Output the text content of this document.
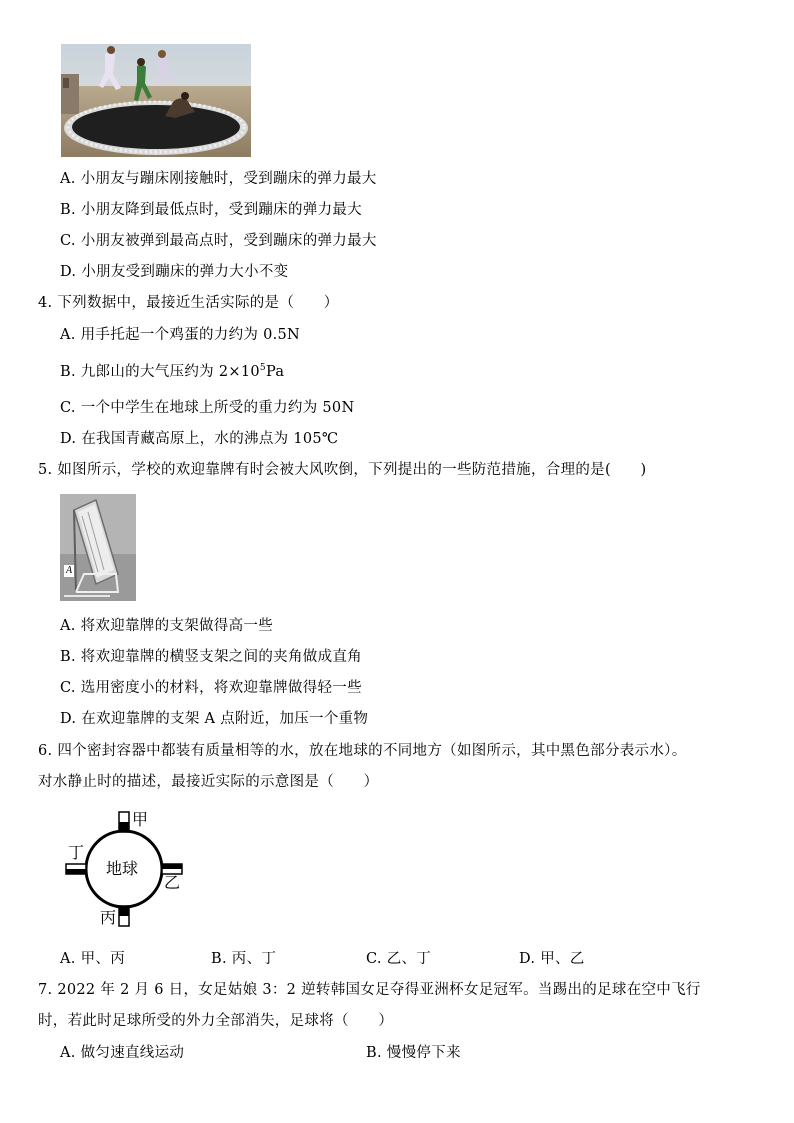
A. 小朋友与蹦床刚接触时，受到蹦床的弹力最大
B. 小朋友降到最低点时，受到蹦床的弹力最大
C. 小朋友被弹到最高点时，受到蹦床的弹力最大
D. 小朋友受到蹦床的弹力大小不变
4. 下列数据中，最接近生活实际的是（　　）
A. 用手托起一个鸡蛋的力约为 0.5N
B. 九郎山的大气压约为 $2\times 10^5Pa$
C. 一个中学生在地球上所受的重力约为 50N
D. 在我国青藏高原上，水的沸点为 105℃
5. 如图所示，学校的欢迎靠牌有时会被大风吹倒，下列提出的一些防范措施，合理的是(　　)
A
A. 将欢迎靠牌的支架做得高一些
B. 将欢迎靠牌的横竖支架之间的夹角做成直角
C. 选用密度小的材料，将欢迎靠牌做得轻一些
D. 在欢迎靠牌的支架 A 点附近，加压一个重物
6. 四个密封容器中都装有质量相等的水，放在地球的不同地方（如图所示，其中黑色部分表示水）。
对水静止时的描述，最接近实际的示意图是（　　）
地球
甲
乙
丙
丁
A. 甲、丙	B. 丙、丁	C. 乙、丁	D. 甲、乙
7. 2022 年 2 月 6 日，女足姑娘 3：2 逆转韩国女足夺得亚洲杯女足冠军。当踢出的足球在空中飞行
时，若此时足球所受的外力全部消失，足球将（　　）
A. 做匀速直线运动	B. 慢慢停下来
